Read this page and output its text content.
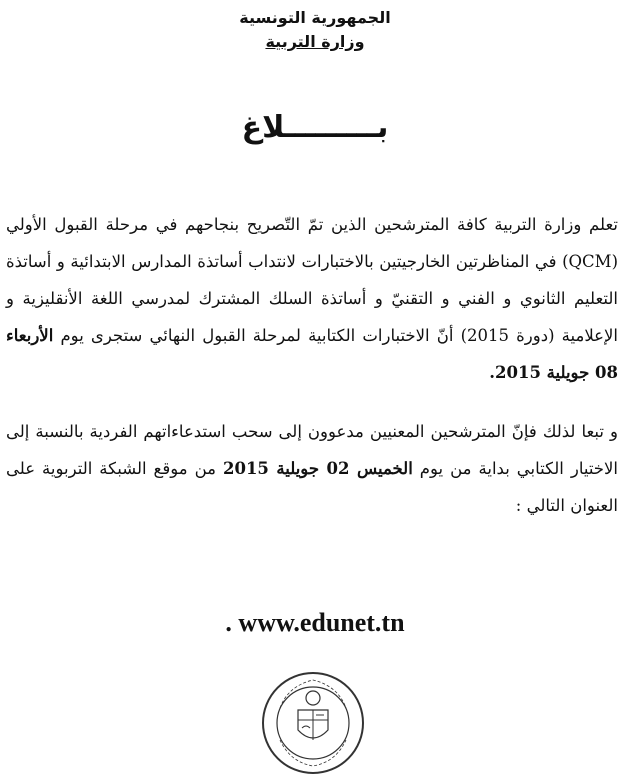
الجمهورية التونسية
وزارة التربية
بـــــــــلاغ

تعلم وزارة التربية كافة المترشحين الذين تمّ التّصريح بنجاحهم في مرحلة القبول الأولي (QCM) في المناظرتين الخارجيتين بالاختبارات لانتداب أساتذة المدارس الابتدائية و أساتذة التعليم الثانوي و الفني و التقنيّ و أساتذة السلك المشترك لمدرسي اللغة الأنقليزية و الإعلامية (دورة 2015) أنّ الاختبارات الكتابية لمرحلة القبول النهائي ستجرى يوم الأربعاء 08 جويلية 2015.

و تبعا لذلك فإنّ المترشحين المعنيين مدعوون إلى سحب استدعاءاتهم الفردية بالنسبة إلى الاختيار الكتابي بداية من يوم الخميس 02 جويلية 2015 من موقع الشبكة التربوية على العنوان التالي :

. www.edunet.tn
